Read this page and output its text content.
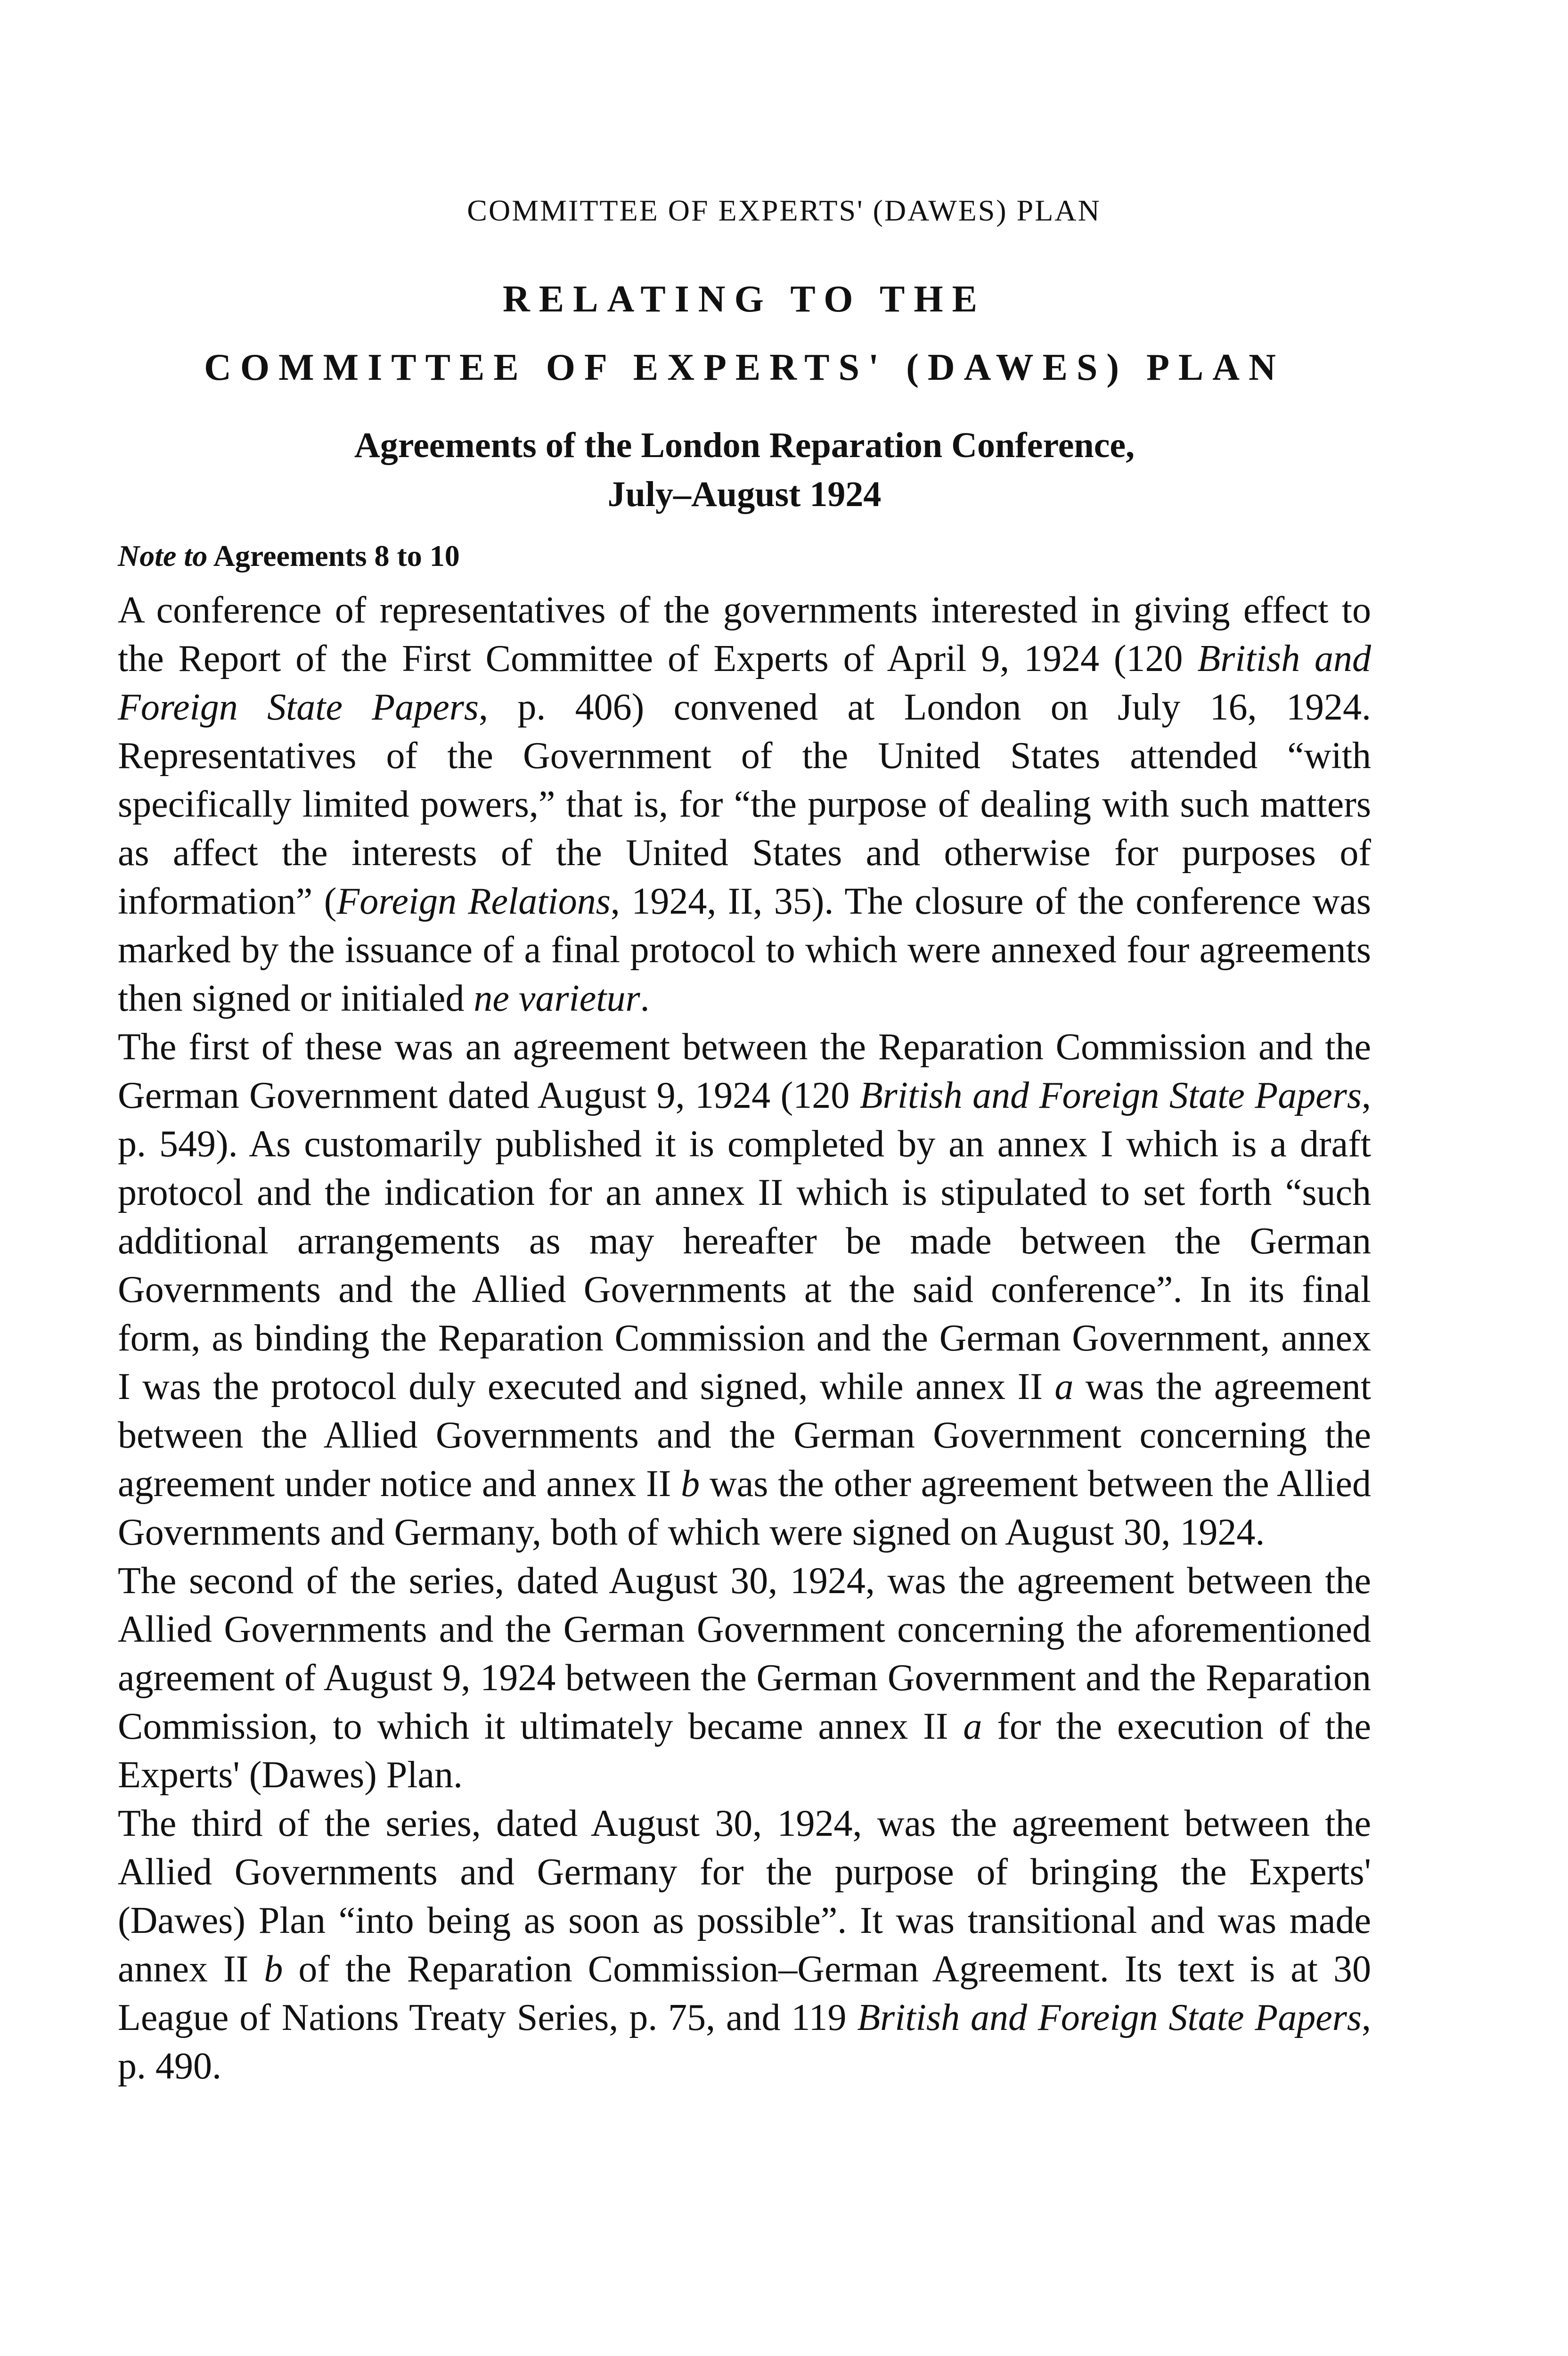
COMMITTEE OF EXPERTS' (DAWES) PLAN
RELATING TO THE
COMMITTEE OF EXPERTS' (DAWES) PLAN
Agreements of the London Reparation Conference,
July–August 1924
Note to Agreements 8 to 10

A conference of representatives of the governments interested in giving effect to the Report of the First Committee of Experts of April 9, 1924 (120 British and Foreign State Papers, p. 406) convened at London on July 16, 1924. Representatives of the Government of the United States attended “with specifically limited powers,” that is, for “the purpose of dealing with such matters as affect the interests of the United States and otherwise for purposes of information” (Foreign Relations, 1924, II, 35). The closure of the conference was marked by the issuance of a final protocol to which were annexed four agreements then signed or initialed ne varietur.

The first of these was an agreement between the Reparation Commission and the German Government dated August 9, 1924 (120 British and Foreign State Papers, p. 549). As customarily published it is completed by an annex I which is a draft protocol and the indication for an annex II which is stipulated to set forth “such additional arrangements as may hereafter be made between the German Governments and the Allied Governments at the said conference”. In its final form, as binding the Reparation Commission and the German Government, annex I was the protocol duly executed and signed, while annex II a was the agreement between the Allied Governments and the German Government concerning the agreement under notice and annex II b was the other agreement between the Allied Governments and Germany, both of which were signed on August 30, 1924.

The second of the series, dated August 30, 1924, was the agreement between the Allied Governments and the German Government concerning the aforementioned agreement of August 9, 1924 between the German Government and the Reparation Commission, to which it ultimately became annex II a for the execution of the Experts' (Dawes) Plan.

The third of the series, dated August 30, 1924, was the agreement between the Allied Governments and Germany for the purpose of bringing the Experts' (Dawes) Plan “into being as soon as possible”. It was transitional and was made annex II b of the Reparation Commission–German Agreement. Its text is at 30 League of Nations Treaty Series, p. 75, and 119 British and Foreign State Papers, p. 490.
